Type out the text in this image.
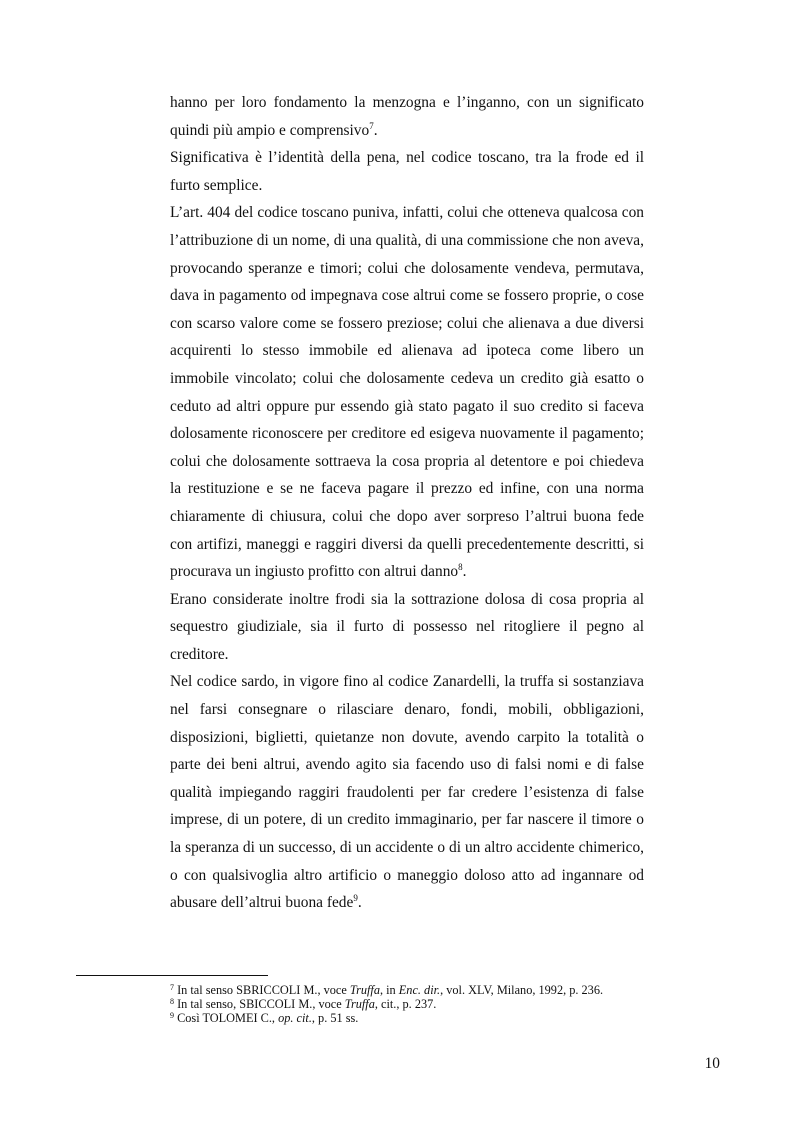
hanno per loro fondamento la menzogna e l’inganno, con un significato quindi più ampio e comprensivo$^7$.

Significativa è l’identità della pena, nel codice toscano, tra la frode ed il furto semplice.

L’art. 404 del codice toscano puniva, infatti, colui che otteneva qualcosa con l’attribuzione di un nome, di una qualità, di una commissione che non aveva, provocando speranze e timori; colui che dolosamente vendeva, permutava, dava in pagamento od impegnava cose altrui come se fossero proprie, o cose con scarso valore come se fossero preziose; colui che alienava a due diversi acquirenti lo stesso immobile ed alienava ad ipoteca come libero un immobile vincolato; colui che dolosamente cedeva un credito già esatto o ceduto ad altri oppure pur essendo già stato pagato il suo credito si faceva dolosamente riconoscere per creditore ed esigeva nuovamente il pagamento; colui che dolosamente sottraeva la cosa propria al detentore e poi chiedeva la restituzione e se ne faceva pagare il prezzo ed infine, con una norma chiaramente di chiusura, colui che dopo aver sorpreso l’altrui buona fede con artifizi, maneggi e raggiri diversi da quelli precedentemente descritti, si procurava un ingiusto profitto con altrui danno$^8$.

Erano considerate inoltre frodi sia la sottrazione dolosa di cosa propria al sequestro giudiziale, sia il furto di possesso nel ritogliere il pegno al creditore.

Nel codice sardo, in vigore fino al codice Zanardelli, la truffa si sostanziava nel farsi consegnare o rilasciare denaro, fondi, mobili, obbligazioni, disposizioni, biglietti, quietanze non dovute, avendo carpito la totalità o parte dei beni altrui, avendo agito sia facendo uso di falsi nomi e di false qualità impiegando raggiri fraudolenti per far credere l’esistenza di false imprese, di un potere, di un credito immaginario, per far nascere il timore o la speranza di un successo, di un accidente o di un altro accidente chimerico, o con qualsivoglia altro artificio o maneggio doloso atto ad ingannare od abusare dell’altrui buona fede$^9$.

$^7$ In tal senso SBRICCOLI M., voce Truffa, in Enc. dir., vol. XLV, Milano, 1992, p. 236.

$^8$ In tal senso, SBICCOLI M., voce Truffa, cit., p. 237.

$^9$ Così TOLOMEI C., op. cit., p. 51 ss.

10
